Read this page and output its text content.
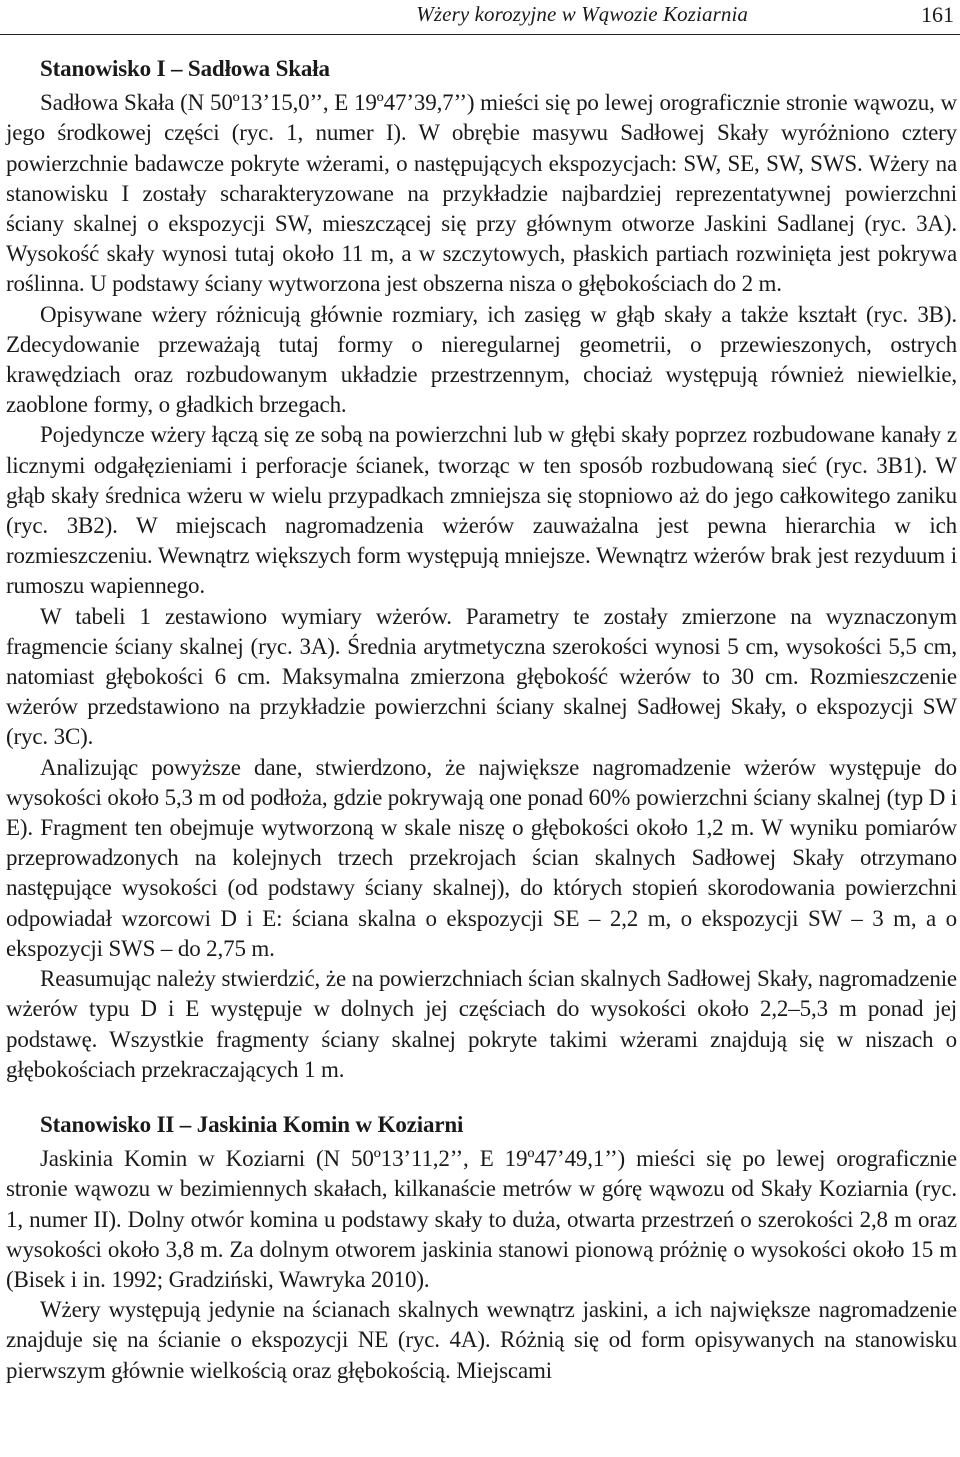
Wżery korozyjne w Wąwozie Koziarnia	161
Stanowisko I – Sadłowa Skała

Sadłowa Skała (N 50º13’15,0’’, E 19º47’39,7’’) mieści się po lewej orograficznie stronie wąwozu, w jego środkowej części (ryc. 1, numer I). W obrębie masywu Sadłowej Skały wyróżniono cztery powierzchnie badawcze pokryte wżerami, o następujących ekspozycjach: SW, SE, SW, SWS. Wżery na stanowisku I zostały scharakteryzowane na przykładzie najbardziej reprezentatywnej powierzchni ściany skalnej o ekspozycji SW, mieszczącej się przy głównym otworze Jaskini Sadlanej (ryc. 3A). Wysokość skały wynosi tutaj około 11 m, a w szczytowych, płaskich partiach rozwinięta jest pokrywa roślinna. U podstawy ściany wytworzona jest obszerna nisza o głębokościach do 2 m.

Opisywane wżery różnicują głównie rozmiary, ich zasięg w głąb skały a także kształt (ryc. 3B). Zdecydowanie przeważają tutaj formy o nieregularnej geometrii, o przewieszonych, ostrych krawędziach oraz rozbudowanym układzie przestrzennym, chociaż występują również niewielkie, zaoblone formy, o gładkich brzegach.

Pojedyncze wżery łączą się ze sobą na powierzchni lub w głębi skały poprzez rozbudowane kanały z licznymi odgałęzieniami i perforacje ścianek, tworząc w ten sposób rozbudowaną sieć (ryc. 3B1). W głąb skały średnica wżeru w wielu przypadkach zmniejsza się stopniowo aż do jego całkowitego zaniku (ryc. 3B2). W miejscach nagromadzenia wżerów zauważalna jest pewna hierarchia w ich rozmieszczeniu. Wewnątrz większych form występują mniejsze. Wewnątrz wżerów brak jest rezyduum i rumoszu wapiennego.

W tabeli 1 zestawiono wymiary wżerów. Parametry te zostały zmierzone na wyznaczonym fragmencie ściany skalnej (ryc. 3A). Średnia arytmetyczna szerokości wynosi 5 cm, wysokości 5,5 cm, natomiast głębokości 6 cm. Maksymalna zmierzona głębokość wżerów to 30 cm. Rozmieszczenie wżerów przedstawiono na przykładzie powierzchni ściany skalnej Sadłowej Skały, o ekspozycji SW (ryc. 3C).

Analizując powyższe dane, stwierdzono, że największe nagromadzenie wżerów występuje do wysokości około 5,3 m od podłoża, gdzie pokrywają one ponad 60% powierzchni ściany skalnej (typ D i E). Fragment ten obejmuje wytworzoną w skale niszę o głębokości około 1,2 m. W wyniku pomiarów przeprowadzonych na kolejnych trzech przekrojach ścian skalnych Sadłowej Skały otrzymano następujące wysokości (od podstawy ściany skalnej), do których stopień skorodowania powierzchni odpowiadał wzorcowi D i E: ściana skalna o ekspozycji SE – 2,2 m, o ekspozycji SW – 3 m, a o ekspozycji SWS – do 2,75 m.

Reasumując należy stwierdzić, że na powierzchniach ścian skalnych Sadłowej Skały, nagromadzenie wżerów typu D i E występuje w dolnych jej częściach do wysokości około 2,2–5,3 m ponad jej podstawę. Wszystkie fragmenty ściany skalnej pokryte takimi wżerami znajdują się w niszach o głębokościach przekraczających 1 m.

Stanowisko II – Jaskinia Komin w Koziarni

Jaskinia Komin w Koziarni (N 50º13’11,2’’, E 19º47’49,1’’) mieści się po lewej orograficznie stronie wąwozu w bezimiennych skałach, kilkanaście metrów w górę wąwozu od Skały Koziarnia (ryc. 1, numer II). Dolny otwór komina u podstawy skały to duża, otwarta przestrzeń o szerokości 2,8 m oraz wysokości około 3,8 m. Za dolnym otworem jaskinia stanowi pionową próżnię o wysokości około 15 m (Bisek i in. 1992; Gradziński, Wawryka 2010).

Wżery występują jedynie na ścianach skalnych wewnątrz jaskini, a ich największe nagromadzenie znajduje się na ścianie o ekspozycji NE (ryc. 4A). Różnią się od form opisywanych na stanowisku pierwszym głównie wielkością oraz głębokością. Miejscami
